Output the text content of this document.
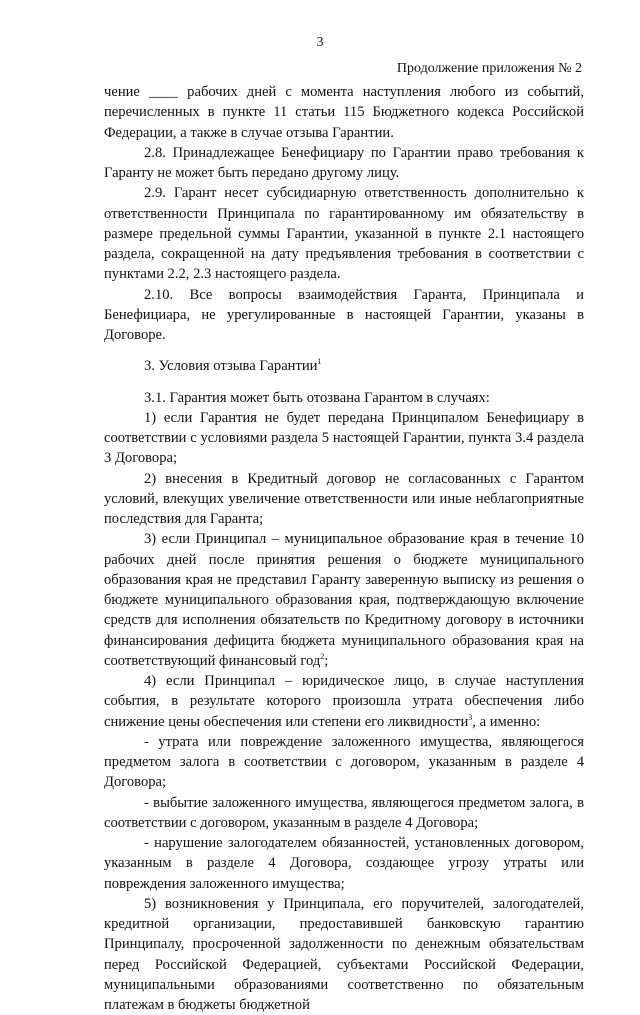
3
Продолжение приложения № 2

чение ____ рабочих дней с момента наступления любого из событий, перечисленных в пункте 11 статьи 115 Бюджетного кодекса Российской Федерации, а также в случае отзыва Гарантии.

2.8. Принадлежащее Бенефициару по Гарантии право требования к Гаранту не может быть передано другому лицу.

2.9. Гарант несет субсидиарную ответственность дополнительно к ответственности Принципала по гарантированному им обязательству в размере предельной суммы Гарантии, указанной в пункте 2.1 настоящего раздела, сокращенной на дату предъявления требования в соответствии с пунктами 2.2, 2.3 настоящего раздела.

2.10. Все вопросы взаимодействия Гаранта, Принципала и Бенефициара, не урегулированные в настоящей Гарантии, указаны в Договоре.

3. Условия отзыва Гарантии$^1$

3.1. Гарантия может быть отозвана Гарантом в случаях:

1) если Гарантия не будет передана Принципалом Бенефициару в соответствии с условиями раздела 5 настоящей Гарантии, пункта 3.4 раздела 3 Договора;

2) внесения в Кредитный договор не согласованных с Гарантом условий, влекущих увеличение ответственности или иные неблагоприятные последствия для Гаранта;

3) если Принципал – муниципальное образование края в течение 10 рабочих дней после принятия решения о бюджете муниципального образования края не представил Гаранту заверенную выписку из решения о бюджете муниципального образования края, подтверждающую включение средств для исполнения обязательств по Кредитному договору в источники финансирования дефицита бюджета муниципального образования края на соответствующий финансовый год$^2$;

4) если Принципал – юридическое лицо, в случае наступления события, в результате которого произошла утрата обеспечения либо снижение цены обеспечения или степени его ликвидности$^3$, а именно:

- утрата или повреждение заложенного имущества, являющегося предметом залога в соответствии с договором, указанным в разделе 4 Договора;

- выбытие заложенного имущества, являющегося предметом залога, в соответствии с договором, указанным в разделе 4 Договора;

- нарушение залогодателем обязанностей, установленных договором, указанным в разделе 4 Договора, создающее угрозу утраты или повреждения заложенного имущества;

5) возникновения у Принципала, его поручителей, залогодателей, кредитной организации, предоставившей банковскую гарантию Принципалу, просроченной задолженности по денежным обязательствам перед Российской Федерацией, субъектами Российской Федерации, муниципальными образованиями соответственно по обязательным платежам в бюджеты бюджетной
